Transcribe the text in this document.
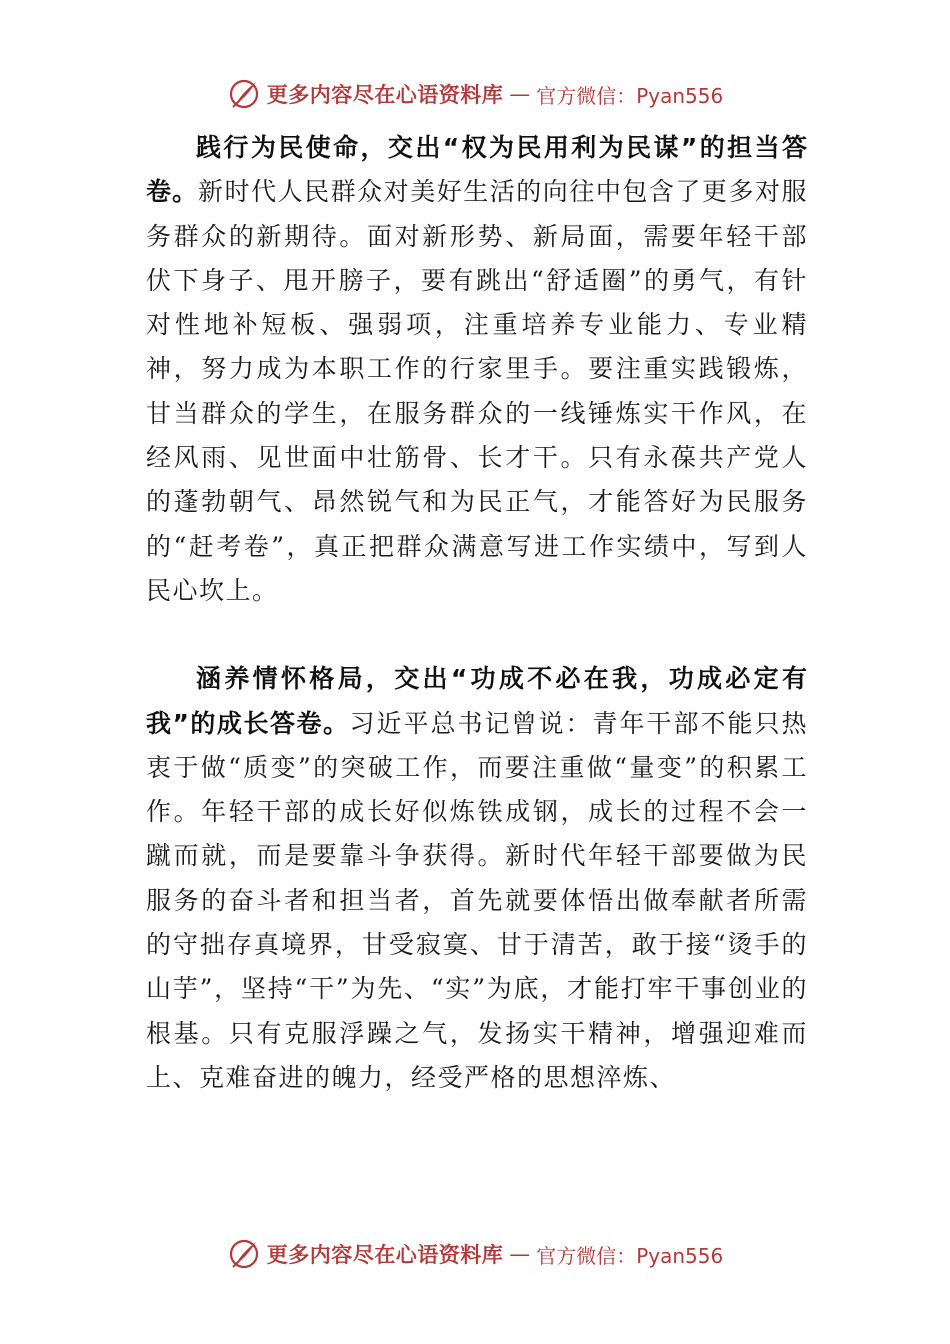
更多内容尽在心语资料库 — 官方微信：Pyan556

践行为民使命，交出“权为民用利为民谋”的担当答卷。新时代人民群众对美好生活的向往中包含了更多对服务群众的新期待。面对新形势、新局面，需要年轻干部伏下身子、甩开膀子，要有跳出“舒适圈”的勇气，有针对性地补短板、强弱项，注重培养专业能力、专业精神，努力成为本职工作的行家里手。要注重实践锻炼，甘当群众的学生，在服务群众的一线锤炼实干作风，在经风雨、见世面中壮筋骨、长才干。只有永葆共产党人的蓬勃朝气、昂然锐气和为民正气，才能答好为民服务的“赶考卷”，真正把群众满意写进工作实绩中，写到人民心坎上。

涵养情怀格局，交出“功成不必在我，功成必定有我”的成长答卷。习近平总书记曾说：青年干部不能只热衷于做“质变”的突破工作，而要注重做“量变”的积累工作。年轻干部的成长好似炼铁成钢，成长的过程不会一蹴而就，而是要靠斗争获得。新时代年轻干部要做为民服务的奋斗者和担当者，首先就要体悟出做奉献者所需的守拙存真境界，甘受寂寞、甘于清苦，敢于接“烫手的山芋”，坚持“干”为先、“实”为底，才能打牢干事创业的根基。只有克服浮躁之气，发扬实干精神，增强迎难而上、克难奋进的魄力，经受严格的思想淬炼、

更多内容尽在心语资料库 — 官方微信：Pyan556
